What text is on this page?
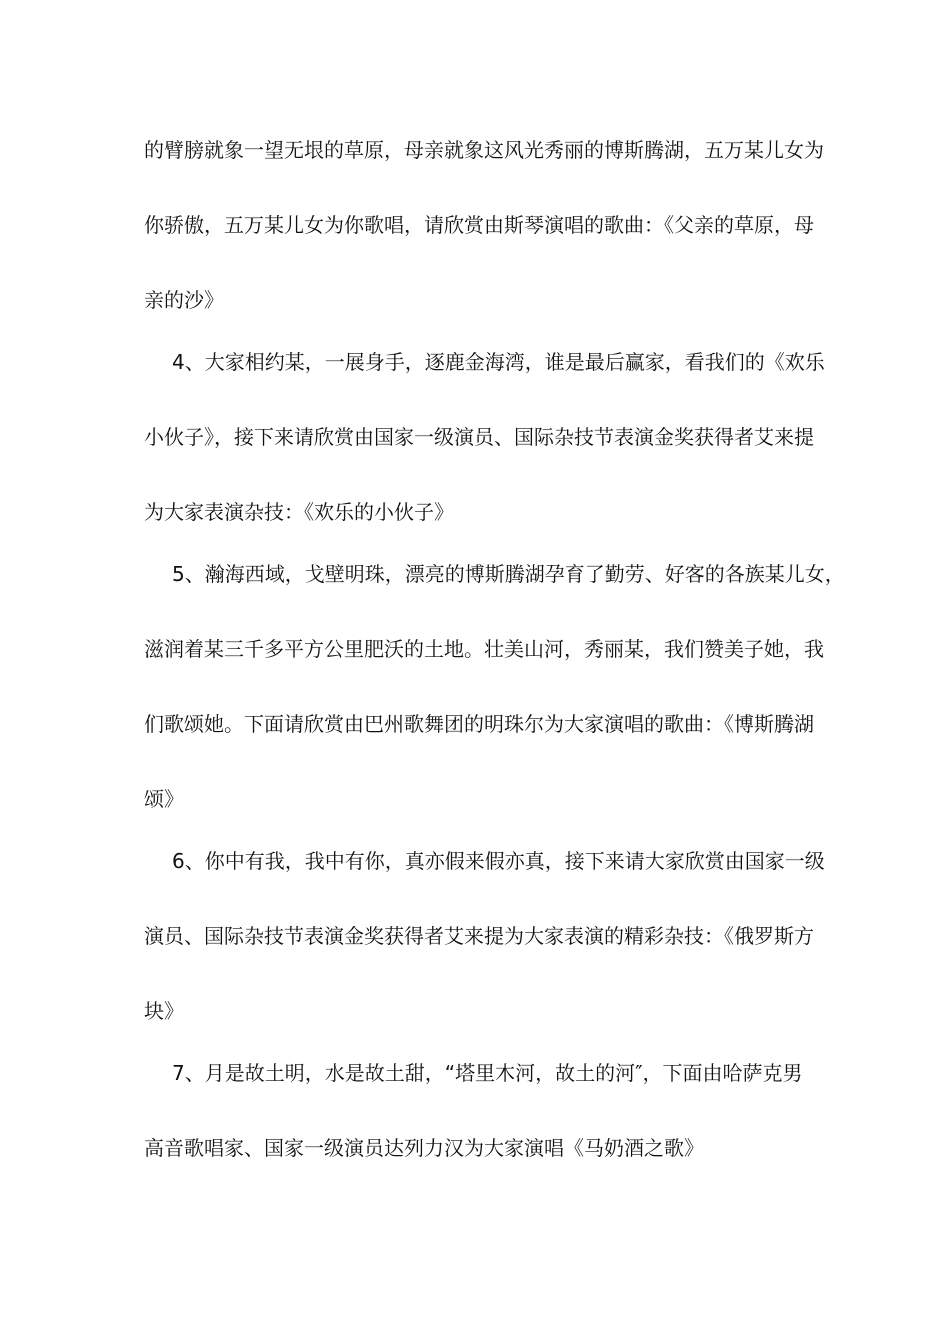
的臂膀就象一望无垠的草原，母亲就象这风光秀丽的博斯腾湖，五万某儿女为
你骄傲，五万某儿女为你歌唱，请欣赏由斯琴演唱的歌曲：《父亲的草原，母
亲的沙》
4、大家相约某，一展身手，逐鹿金海湾，谁是最后赢家，看我们的《欢乐
小伙子》，接下来请欣赏由国家一级演员、国际杂技节表演金奖获得者艾来提
为大家表演杂技：《欢乐的小伙子》
5、瀚海西域，戈壁明珠，漂亮的博斯腾湖孕育了勤劳、好客的各族某儿女，
滋润着某三千多平方公里肥沃的土地。壮美山河，秀丽某，我们赞美子她，我
们歌颂她。下面请欣赏由巴州歌舞团的明珠尔为大家演唱的歌曲：《博斯腾湖
颂》
6、你中有我，我中有你，真亦假来假亦真，接下来请大家欣赏由国家一级
演员、国际杂技节表演金奖获得者艾来提为大家表演的精彩杂技：《俄罗斯方
块》
7、月是故土明，水是故土甜，“塔里木河，故土的河″，下面由哈萨克男
高音歌唱家、国家一级演员达列力汉为大家演唱《马奶酒之歌》
